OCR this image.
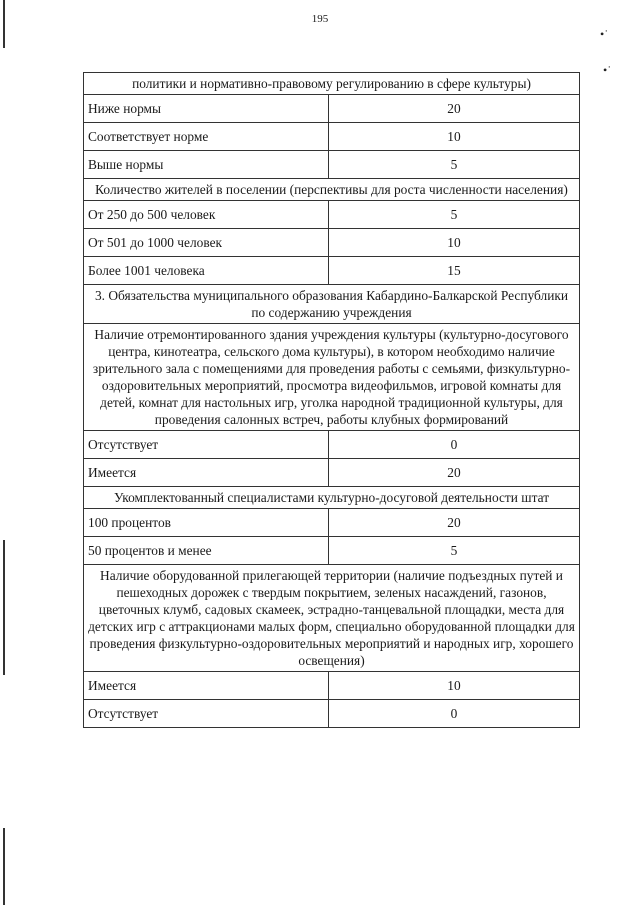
195
•˙
•˙
политики и нормативно-правовому регулированию в сфере культуры)	
Ниже нормы	20
Соответствует норме	10
Выше нормы	5
Количество жителей в поселении (перспективы для роста численности населения)	
От 250 до 500 человек	5
От 501 до 1000 человек	10
Более 1001 человека	15
3. Обязательства муниципального образования Кабардино-Балкарской Республики по содержанию учреждения	
Наличие отремонтированного здания учреждения культуры (культурно-досугового центра, кинотеатра, сельского дома культуры), в котором необходимо наличие зрительного зала с помещениями для проведения работы с семьями, физкультурно-оздоровительных мероприятий, просмотра видеофильмов, игровой комнаты для детей, комнат для настольных игр, уголка народной традиционной культуры, для проведения салонных встреч, работы клубных формирований	
Отсутствует	0
Имеется	20
Укомплектованный специалистами культурно-досуговой деятельности штат	
100 процентов	20
50 процентов и менее	5
Наличие оборудованной прилегающей территории (наличие подъездных путей и пешеходных дорожек с твердым покрытием, зеленых насаждений, газонов, цветочных клумб, садовых скамеек, эстрадно-танцевальной площадки, места для детских игр с аттракционами малых форм, специально оборудованной площадки для проведения физкультурно-оздоровительных мероприятий и народных игр, хорошего освещения)	
Имеется	10
Отсутствует	0
